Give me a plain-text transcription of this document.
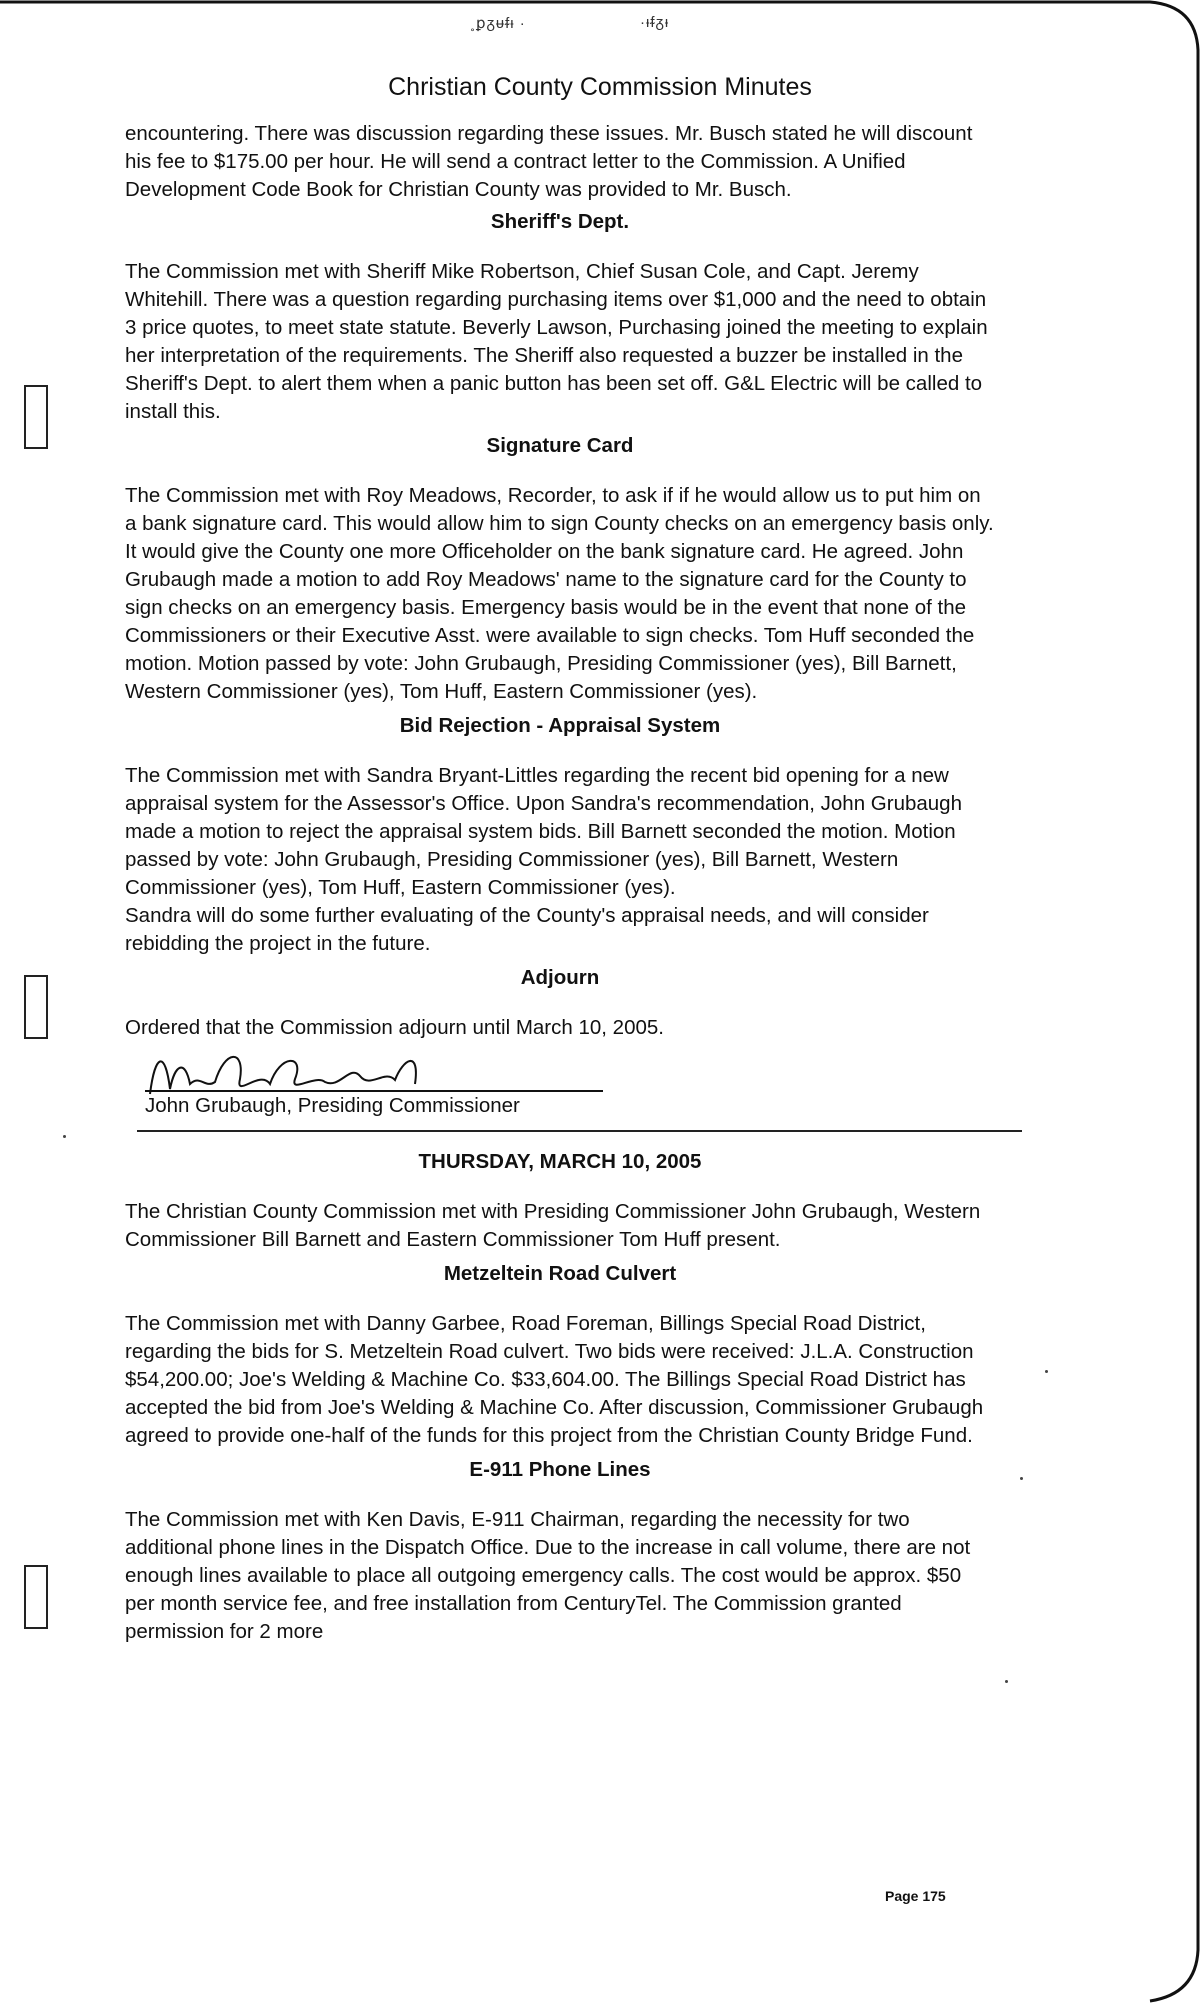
˳ꝑᵹᵾᵮᵼ ·	·ᵼᵮᵹᵻ
Christian County Commission Minutes

encountering. There was discussion regarding these issues. Mr. Busch stated he will discount his fee to $175.00 per hour. He will send a contract letter to the Commission. A Unified Development Code Book for Christian County was provided to Mr. Busch.

Sheriff's Dept.

The Commission met with Sheriff Mike Robertson, Chief Susan Cole, and Capt. Jeremy Whitehill. There was a question regarding purchasing items over $1,000 and the need to obtain 3 price quotes, to meet state statute. Beverly Lawson, Purchasing joined the meeting to explain her interpretation of the requirements. The Sheriff also requested a buzzer be installed in the Sheriff's Dept. to alert them when a panic button has been set off. G&L Electric will be called to install this.

Signature Card

The Commission met with Roy Meadows, Recorder, to ask if if he would allow us to put him on a bank signature card. This would allow him to sign County checks on an emergency basis only. It would give the County one more Officeholder on the bank signature card. He agreed. John Grubaugh made a motion to add Roy Meadows' name to the signature card for the County to sign checks on an emergency basis. Emergency basis would be in the event that none of the Commissioners or their Executive Asst. were available to sign checks. Tom Huff seconded the motion. Motion passed by vote: John Grubaugh, Presiding Commissioner (yes), Bill Barnett, Western Commissioner (yes), Tom Huff, Eastern Commissioner (yes).

Bid Rejection - Appraisal System

The Commission met with Sandra Bryant-Littles regarding the recent bid opening for a new appraisal system for the Assessor's Office. Upon Sandra's recommendation, John Grubaugh made a motion to reject the appraisal system bids. Bill Barnett seconded the motion. Motion passed by vote: John Grubaugh, Presiding Commissioner (yes), Bill Barnett, Western Commissioner (yes), Tom Huff, Eastern Commissioner (yes).

Sandra will do some further evaluating of the County's appraisal needs, and will consider rebidding the project in the future.

Adjourn

Ordered that the Commission adjourn until March 10, 2005.

John Grubaugh, Presiding Commissioner
THURSDAY, MARCH 10, 2005

The Christian County Commission met with Presiding Commissioner John Grubaugh, Western Commissioner Bill Barnett and Eastern Commissioner Tom Huff present.

Metzeltein Road Culvert

The Commission met with Danny Garbee, Road Foreman, Billings Special Road District, regarding the bids for S. Metzeltein Road culvert. Two bids were received: J.L.A. Construction $54,200.00; Joe's Welding & Machine Co. $33,604.00. The Billings Special Road District has accepted the bid from Joe's Welding & Machine Co. After discussion, Commissioner Grubaugh agreed to provide one-half of the funds for this project from the Christian County Bridge Fund.

E-911 Phone Lines

The Commission met with Ken Davis, E-911 Chairman, regarding the necessity for two additional phone lines in the Dispatch Office. Due to the increase in call volume, there are not enough lines available to place all outgoing emergency calls. The cost would be approx. $50 per month service fee, and free installation from CenturyTel. The Commission granted permission for 2 more

Page 175
